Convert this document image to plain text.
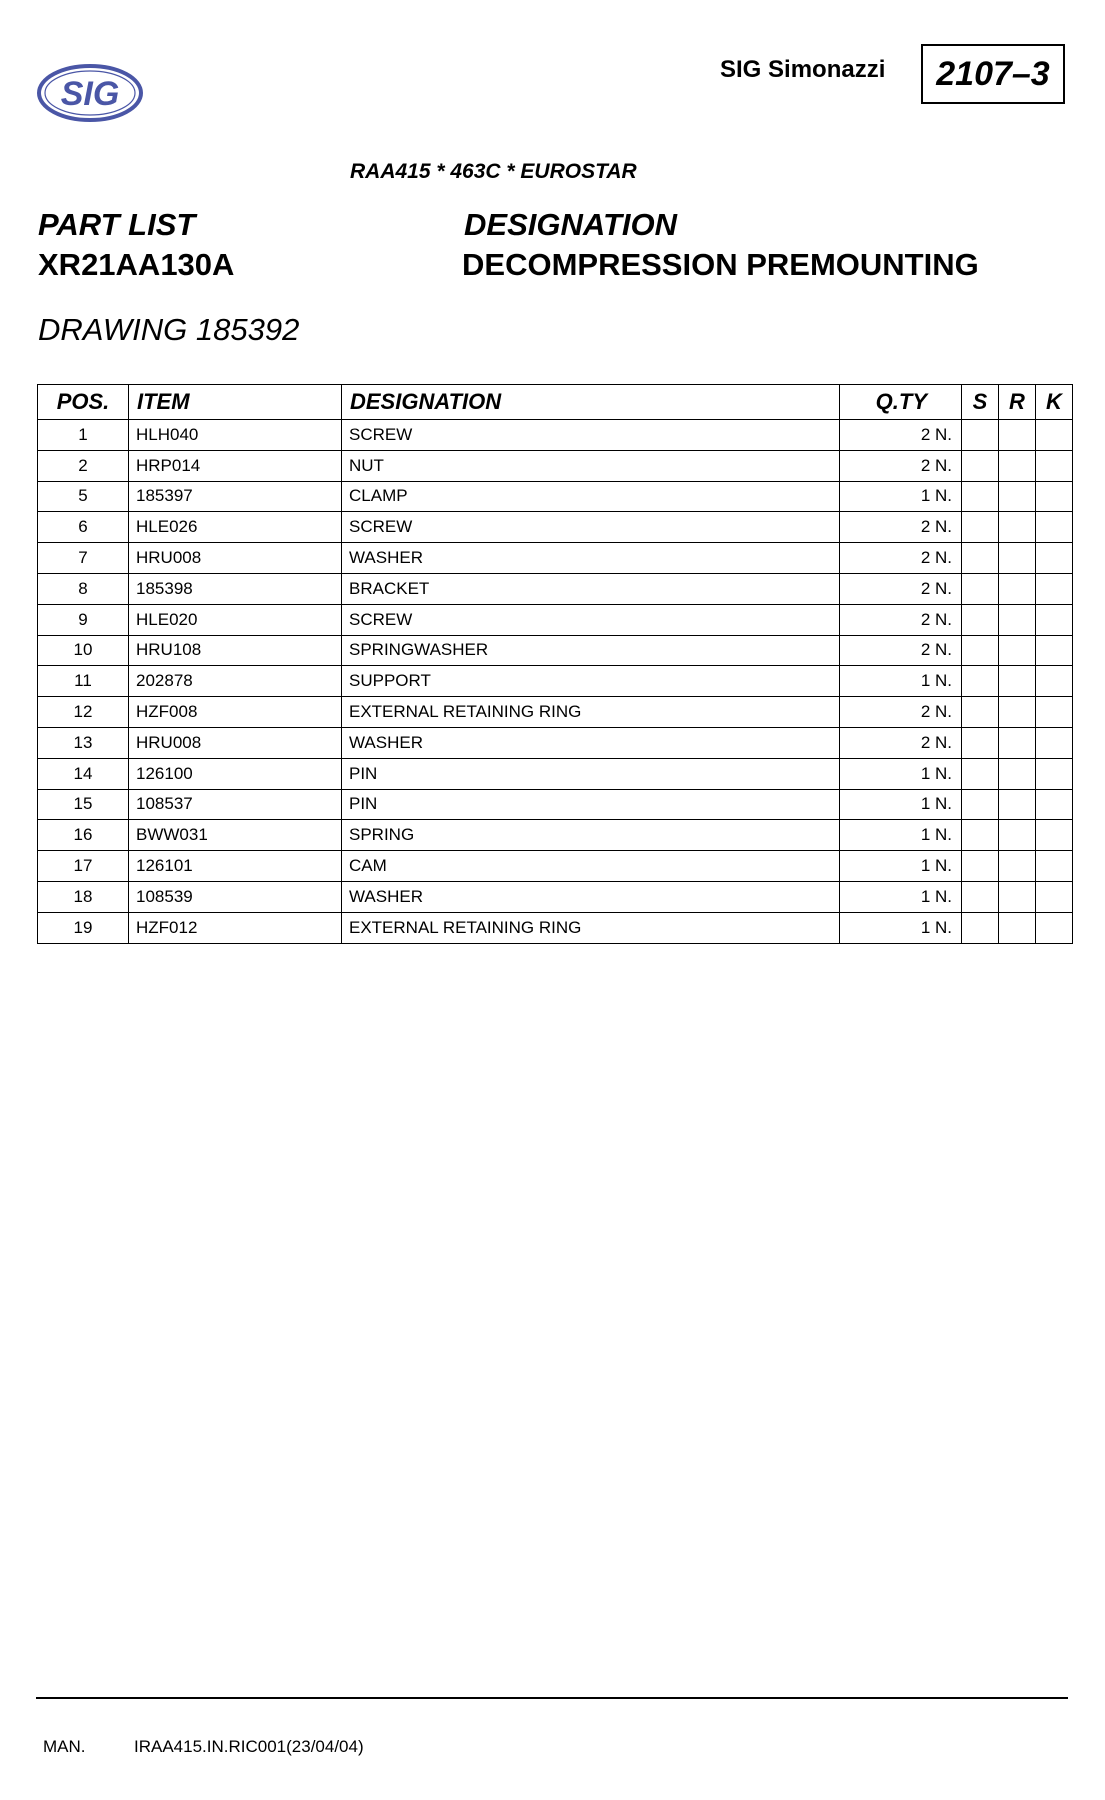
SIG
SIG Simonazzi 2107–3
RAA415 * 463C * EUROSTAR
PART LIST
XR21AA130A
DESIGNATION
DECOMPRESSION PREMOUNTING
DRAWING 185392
POS.	ITEM	DESIGNATION	Q.TY	S	R	K
1	HLH040	SCREW	2 N.			
2	HRP014	NUT	2 N.			
5	185397	CLAMP	1 N.			
6	HLE026	SCREW	2 N.			
7	HRU008	WASHER	2 N.			
8	185398	BRACKET	2 N.			
9	HLE020	SCREW	2 N.			
10	HRU108	SPRINGWASHER	2 N.			
11	202878	SUPPORT	1 N.			
12	HZF008	EXTERNAL RETAINING RING	2 N.			
13	HRU008	WASHER	2 N.			
14	126100	PIN	1 N.			
15	108537	PIN	1 N.			
16	BWW031	SPRING	1 N.			
17	126101	CAM	1 N.			
18	108539	WASHER	1 N.			
19	HZF012	EXTERNAL RETAINING RING	1 N.			
MAN.	IRAA415.IN.RIC001(23/04/04)
